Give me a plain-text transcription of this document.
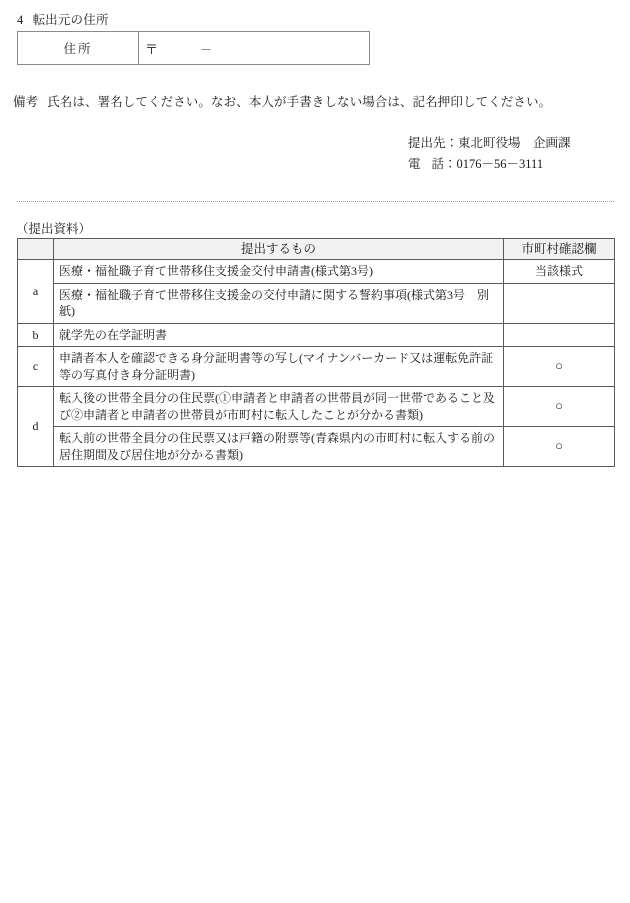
4 転出元の住所
住所	〒	－
備考 氏名は、署名してください。なお、本人が手書きしない場合は、記名押印してください。
提出先：東北町役場　企画課
電 話：0176－56－3111
（提出資料）
	提出するもの	市町村確認欄
a	医療・福祉職子育て世帯移住支援金交付申請書(様式第3号)	当該様式
	医療・福祉職子育て世帯移住支援金の交付申請に関する誓約事項(様式第3号　別紙)	
b	就学先の在学証明書	
c	申請者本人を確認できる身分証明書等の写し(マイナンバーカード又は運転免許証等の写真付き身分証明書)	○
d	転入後の世帯全員分の住民票(①申請者と申請者の世帯員が同一世帯であること及び②申請者と申請者の世帯員が市町村に転入したことが分かる書類)	○
	転入前の世帯全員分の住民票又は戸籍の附票等(青森県内の市町村に転入する前の居住期間及び居住地が分かる書類)	○
